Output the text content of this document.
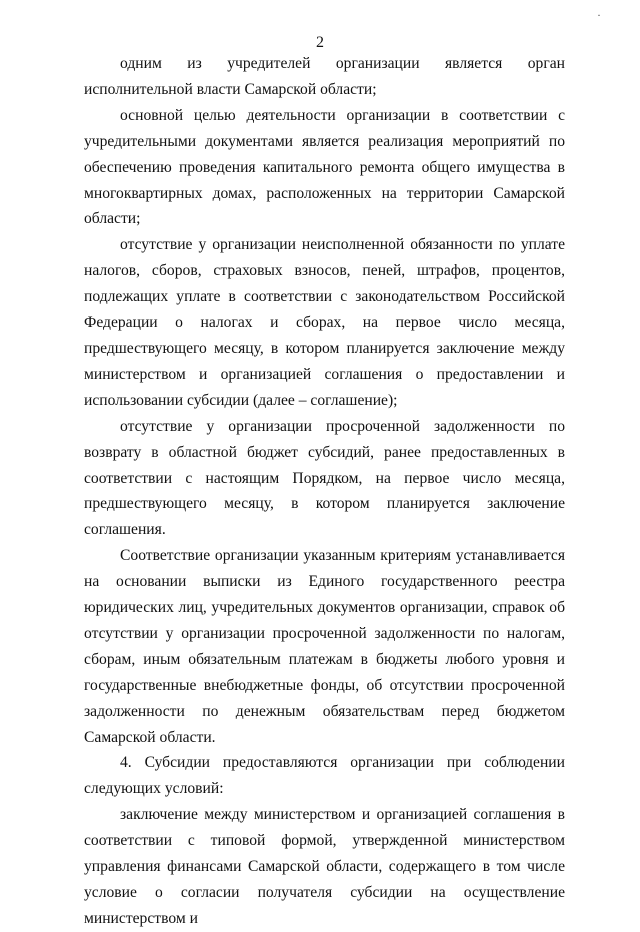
·
2

одним из учредителей организации является орган исполнительной власти Самарской области;

основной целью деятельности организации в соответствии с учредительными документами является реализация мероприятий по обеспечению проведения капитального ремонта общего имущества в многоквартирных домах, расположенных на территории Самарской области;

отсутствие у организации неисполненной обязанности по уплате налогов, сборов, страховых взносов, пеней, штрафов, процентов, подлежащих уплате в соответствии с законодательством Российской Федерации о налогах и сборах, на первое число месяца, предшествующего месяцу, в котором планируется заключение между министерством и организацией соглашения о предоставлении и использовании субсидии (далее – соглашение);

отсутствие у организации просроченной задолженности по возврату в областной бюджет субсидий, ранее предоставленных в соответствии с настоящим Порядком, на первое число месяца, предшествующего месяцу, в котором планируется заключение соглашения.

Соответствие организации указанным критериям устанавливается на основании выписки из Единого государственного реестра юридических лиц, учредительных документов организации, справок об отсутствии у организации просроченной задолженности по налогам, сборам, иным обязательным платежам в бюджеты любого уровня и государственные внебюджетные фонды, об отсутствии просроченной задолженности по денежным обязательствам перед бюджетом Самарской области.

4. Субсидии предоставляются организации при соблюдении следующих условий:

заключение между министерством и организацией соглашения в соответствии с типовой формой, утвержденной министерством управления финансами Самарской области, содержащего в том числе условие о согласии получателя субсидии на осуществление министерством и
